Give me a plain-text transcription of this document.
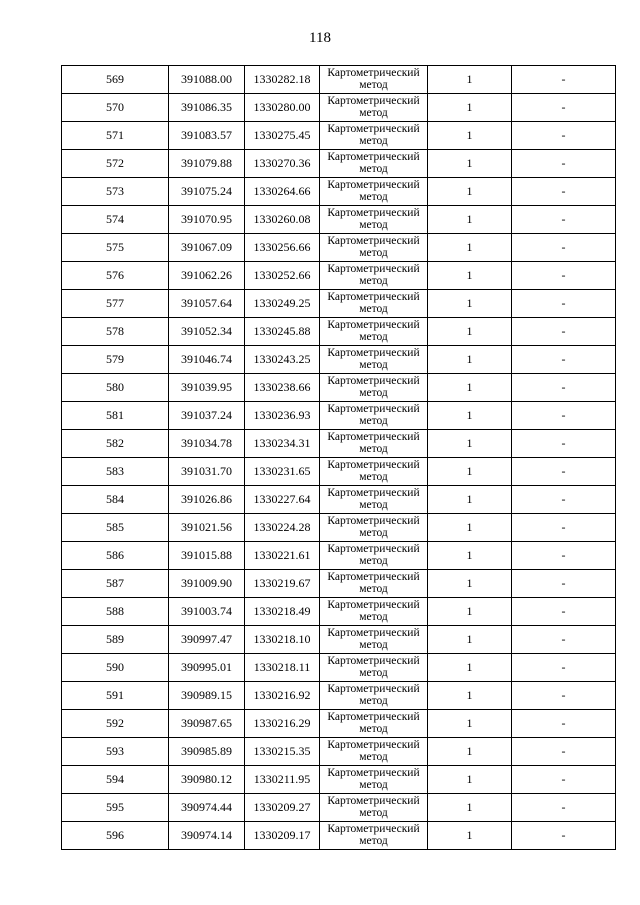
118
569	391088.00	1330282.18	Картометрический
метод	1	-
570	391086.35	1330280.00	Картометрический
метод	1	-
571	391083.57	1330275.45	Картометрический
метод	1	-
572	391079.88	1330270.36	Картометрический
метод	1	-
573	391075.24	1330264.66	Картометрический
метод	1	-
574	391070.95	1330260.08	Картометрический
метод	1	-
575	391067.09	1330256.66	Картометрический
метод	1	-
576	391062.26	1330252.66	Картометрический
метод	1	-
577	391057.64	1330249.25	Картометрический
метод	1	-
578	391052.34	1330245.88	Картометрический
метод	1	-
579	391046.74	1330243.25	Картометрический
метод	1	-
580	391039.95	1330238.66	Картометрический
метод	1	-
581	391037.24	1330236.93	Картометрический
метод	1	-
582	391034.78	1330234.31	Картометрический
метод	1	-
583	391031.70	1330231.65	Картометрический
метод	1	-
584	391026.86	1330227.64	Картометрический
метод	1	-
585	391021.56	1330224.28	Картометрический
метод	1	-
586	391015.88	1330221.61	Картометрический
метод	1	-
587	391009.90	1330219.67	Картометрический
метод	1	-
588	391003.74	1330218.49	Картометрический
метод	1	-
589	390997.47	1330218.10	Картометрический
метод	1	-
590	390995.01	1330218.11	Картометрический
метод	1	-
591	390989.15	1330216.92	Картометрический
метод	1	-
592	390987.65	1330216.29	Картометрический
метод	1	-
593	390985.89	1330215.35	Картометрический
метод	1	-
594	390980.12	1330211.95	Картометрический
метод	1	-
595	390974.44	1330209.27	Картометрический
метод	1	-
596	390974.14	1330209.17	Картометрический
метод	1	-
